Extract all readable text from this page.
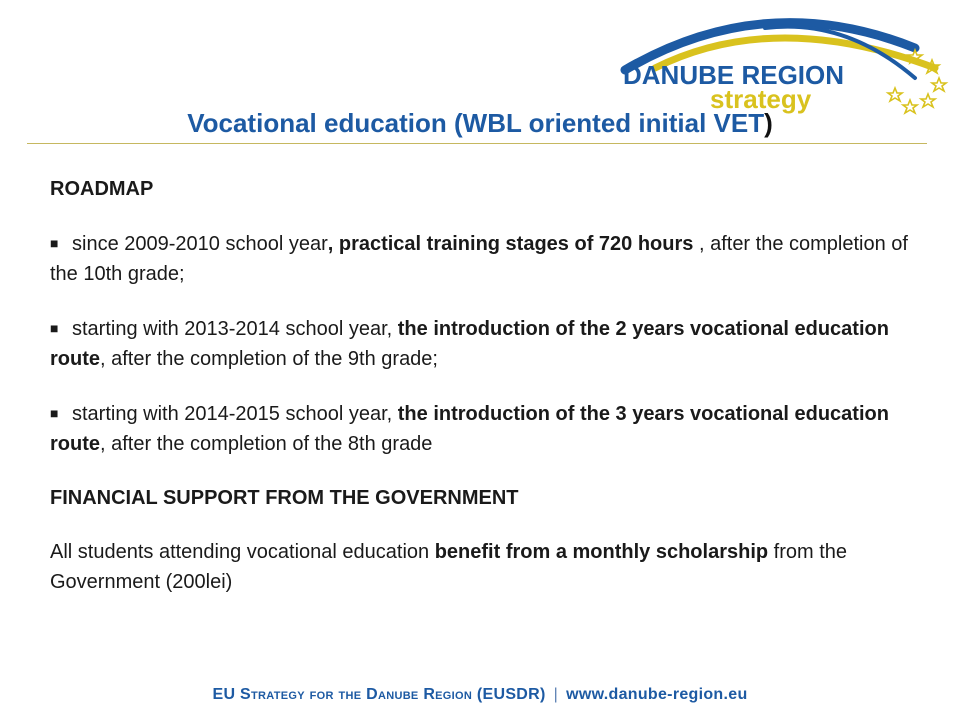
DANUBE REGION
strategy
Vocational education (WBL oriented initial VET)

ROADMAP

■ since 2009-2010 school year, practical training stages of 720 hours , after the completion of the 10th grade;

■ starting with 2013-2014 school year, the introduction of the 2 years vocational education route, after the completion of the 9th grade;

■ starting with 2014-2015 school year, the introduction of the 3 years vocational education route, after the completion of the 8th grade

FINANCIAL SUPPORT FROM THE GOVERNMENT

All students attending vocational education benefit from a monthly scholarship from the Government (200lei)

EU Strategy for the Danube Region (EUSDR) | www.danube-region.eu
